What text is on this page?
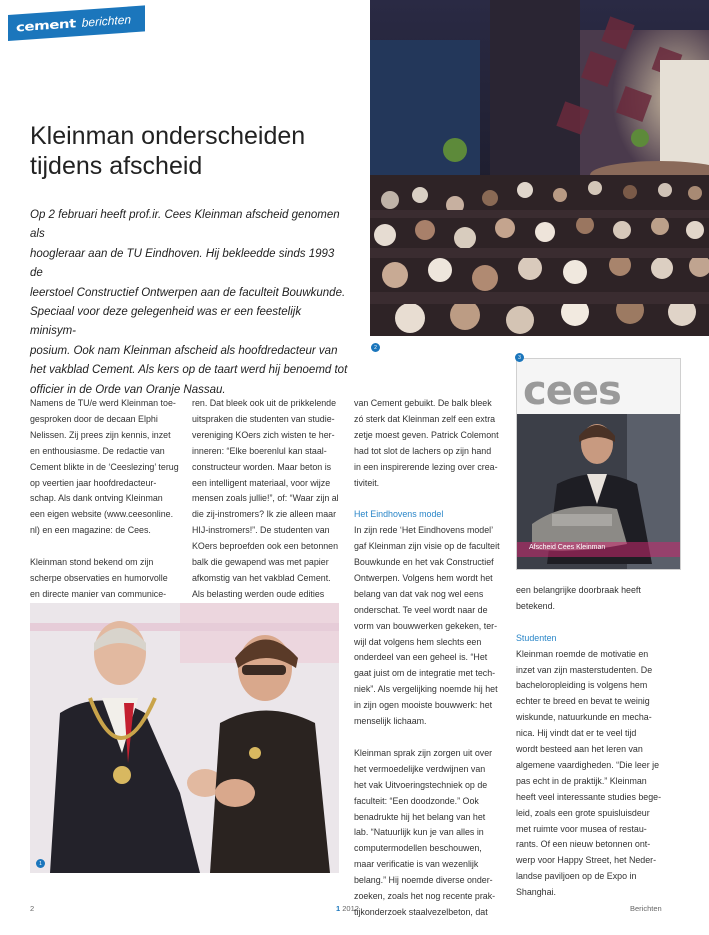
cement berichten
Kleinman onderscheiden
tijdens afscheid
Op 2 februari heeft prof.ir. Cees Kleinman afscheid genomen als
hoogleraar aan de TU Eindhoven. Hij bekleedde sinds 1993 de
leerstoel Constructief Ontwerpen aan de faculteit Bouwkunde.
Speciaal voor deze gelegenheid was er een feestelijk minisym-
posium. Ook nam Kleinman afscheid als hoofdredacteur van
het vakblad Cement. Als kers op de taart werd hij benoemd tot
officier in de Orde van Oranje Nassau.
2
cees
Afscheid Cees Kleinman
3
1

Namens de TU/e werd Kleinman toe-
gesproken door de decaan Elphi
Nelissen. Zij prees zijn kennis, inzet
en enthousiasme. De redactie van
Cement blikte in de ‘Ceeslezing’ terug
op veertien jaar hoofdredacteur-
schap. Als dank ontving Kleinman
een eigen website (www.ceesonline.
nl) en een magazine: de Cees.

Kleinman stond bekend om zijn
scherpe observaties en humorvolle
en directe manier van communice-

ren. Dat bleek ook uit de prikkelende
uitspraken die studenten van studie-
vereniging KOers zich wisten te her-
inneren: “Elke boerenlul kan staal-
constructeur worden. Maar beton is
een intelligent materiaal, voor wijze
mensen zoals jullie!”, of: “Waar zijn al
die zij-instromers? Ik zie alleen maar
HIJ-instromers!”. De studenten van
KOers beproefden ook een betonnen
balk die gewapend was met papier
afkomstig van het vakblad Cement.
Als belasting werden oude edities

van Cement gebuikt. De balk bleek
zó sterk dat Kleinman zelf een extra
zetje moest geven. Patrick Colemont
had tot slot de lachers op zijn hand
in een inspirerende lezing over crea-
tiviteit.

Het Eindhovens model

In zijn rede ‘Het Eindhovens model’
gaf Kleinman zijn visie op de faculteit
Bouwkunde en het vak Constructief
Ontwerpen. Volgens hem wordt het
belang van dat vak nog wel eens
onderschat. Te veel wordt naar de
vorm van bouwwerken gekeken, ter-
wijl dat volgens hem slechts een
onderdeel van een geheel is. “Het
gaat juist om de integratie met tech-
niek”. Als vergelijking noemde hij het
in zijn ogen mooiste bouwwerk: het
menselijk lichaam.

Kleinman sprak zijn zorgen uit over
het vermoedelijke verdwijnen van
het vak Uitvoeringstechniek op de
faculteit: “Een doodzonde.” Ook
benadrukte hij het belang van het
lab. “Natuurlijk kun je van alles in
computermodellen beschouwen,
maar verificatie is van wezenlijk
belang.” Hij noemde diverse onder-
zoeken, zoals het nog recente prak-
tijkonderzoek staalvezelbeton, dat

een belangrijke doorbraak heeft
betekend.

Studenten

Kleinman roemde de motivatie en
inzet van zijn masterstudenten. De
bacheloropleiding is volgens hem
echter te breed en bevat te weinig
wiskunde, natuurkunde en mecha-
nica. Hij vindt dat er te veel tijd
wordt besteed aan het leren van
algemene vaardigheden. “Die leer je
pas echt in de praktijk.” Kleinman
heeft veel interessante studies bege-
leid, zoals een grote spuisluisdeur
met ruimte voor musea of restau-
rants. Of een nieuw betonnen ont-
werp voor Happy Street, het Neder-
landse paviljoen op de Expo in
Shanghai.

2	1 2012	Berichten
